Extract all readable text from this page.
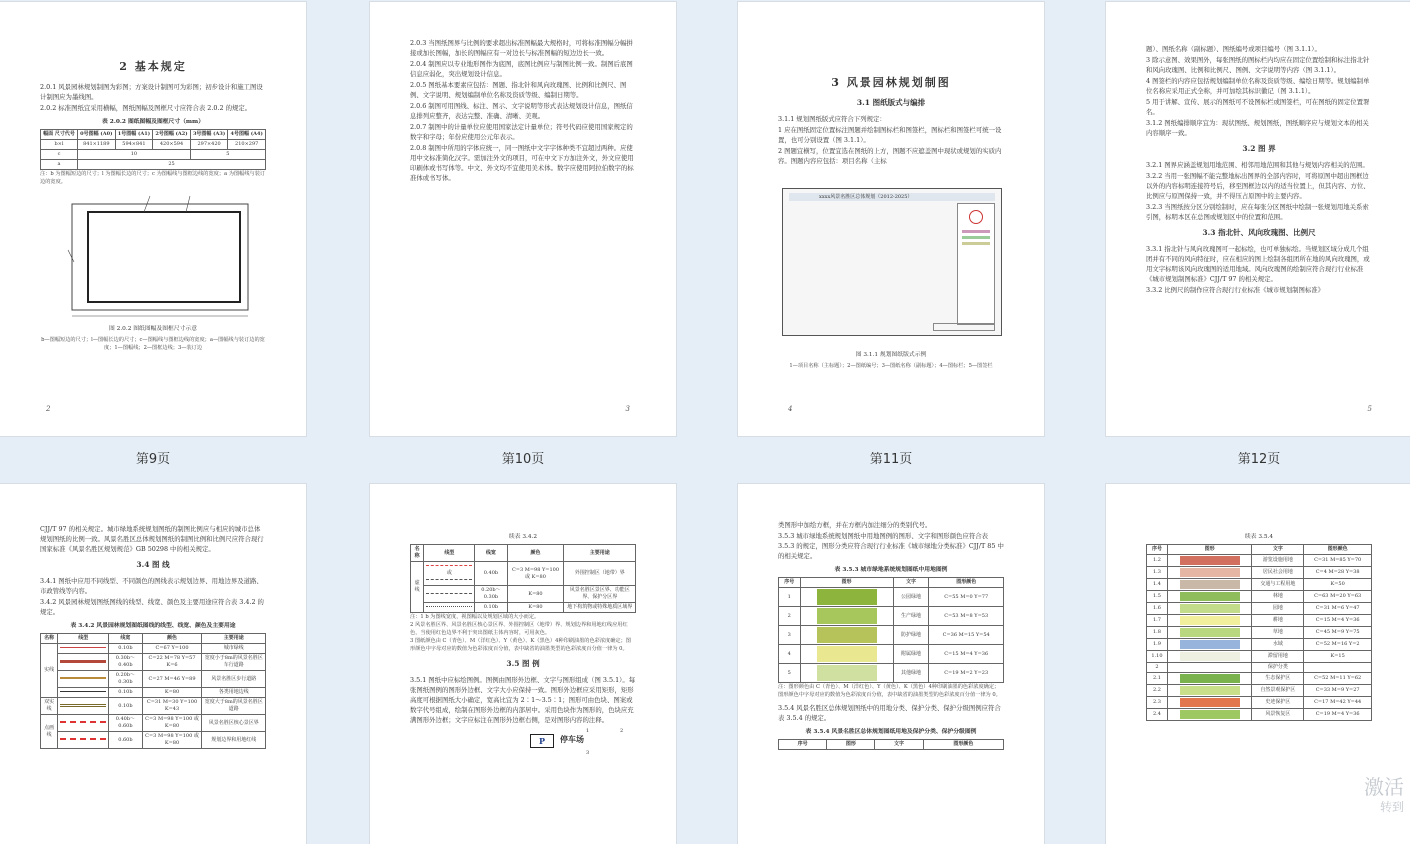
2 基本规定

2.0.1 风景园林规划制图为彩图；方案设计制图可为彩图；初步设计和施工图设计制图应为墨线图。

2.0.2 标准图纸宜采用横幅，图纸图幅及图框尺寸应符合表 2.0.2 的规定。

表 2.0.2 图纸图幅及图框尺寸（mm）
幅面 尺寸代号	0号图幅 (A0)	1号图幅 (A1)	2号图幅 (A2)	3号图幅 (A3)	4号图幅 (A4)
b×l	841×1189	594×841	420×594	297×420	210×297
c	10			5	
a	25				
注：b 为图幅短边的尺寸；l 为图幅长边的尺寸；c 为图幅线与图框边线的宽度；a 为图幅线与装订边的宽度。
图 2.0.2 图纸图幅及图框尺寸示意
b—图幅短边的尺寸；l—图幅长边的尺寸；c—图幅线与图框边线的宽度；a—图幅线与装订边的宽度；1—图幅线；2—图框边线；3—装订边
2
第9页

2.0.3 当图纸图界与比例的要求超出标准图幅最大规格时，可将标准图幅分幅拼接或加长图幅，加长的图幅应有一对边长与标准图幅的短边边长一致。

2.0.4 制图应以专业地形图作为底图，底图比例应与制图比例一致。制图后底图信息应弱化，突出规划设计信息。

2.0.5 图纸基本要素应包括：图题、指北针和风向玫瑰图、比例和比例尺、图例、文字说明、规划编制单位名称及资质等级、编制日期等。

2.0.6 制图可用图线、标注、图示、文字说明等形式表达规划设计信息，图纸信息排列应整齐，表达完整、准确、清晰、美观。

2.0.7 制图中的计量单位应使用国家法定计量单位；符号代码应使用国家规定的数字和字母；年份应使用公元年表示。

2.0.8 制图中所用的字体应统一，同一图纸中文字字体种类不宜超过两种。应使用中文标准简化汉字。需加注外文的项目，可在中文下方加注外文，外文应使用印刷体或书写体等。中文、外文均不宜使用美术体。数字应使用阿拉伯数字的标准体或书写体。

3
第10页
3 风景园林规划制图
3.1 图纸版式与编排

3.1.1 规划图纸版式应符合下列规定：

1 应在图纸固定位置标注图题并绘制图标栏和图签栏，图标栏和图签栏可统一设置，也可分别设置（图 3.1.1）。

2 图题宜横写，位置宜选在图纸的上方，图题不应遮盖图中现状或规划的实质内容。图题内容应包括：项目名称（主标

xxxx风景名胜区总体规划（2012-2025）
图 3.1.1 规划图纸版式示例
1—项目名称（主标题）；2—图纸编号；3—图纸名称（副标题）；4—图标栏；5—图签栏
4
第11页

题）、图纸名称（副标题）、图纸编号或项目编号（图 3.1.1）。

3 除示意图、效果图外，每张图纸的图标栏内均应在固定位置绘制和标注指北针和风向玫瑰图、比例和比例尺、图例、文字说明等内容（图 3.1.1）。

4 图签栏的内容应包括规划编制单位名称及资质等级、编绘日期等。规划编制单位名称应采用正式全称，并可加绘其标识徽记（图 3.1.1）。

5 用于讲解、宣传、展示的图纸可不设图标栏或图签栏，可在图纸的固定位置署名。

3.1.2 图纸编排顺序宜为：现状图纸、规划图纸，图纸顺序应与规划文本的相关内容顺序一致。

3.2 图 界

3.2.1 图界应涵盖规划用地范围、相邻用地范围和其他与规划内容相关的范围。

3.2.2 当用一张图幅不能完整地标出图界的全部内容时，可将原图中超出图框边以外的内容标明连接符号后，移至图框边以内的适当位置上，但其内容、方位、比例应与原图保持一致，并不得压占原图中的主要内容。

3.2.3 当图纸按分区分别绘制时，应在每张分区图纸中绘制一张规划用地关系索引图，标明本区在总图或规划区中的位置和范围。

3.3 指北针、风向玫瑰图、比例尺

3.3.1 指北针与风向玫瑰图可一起标绘，也可单独标绘。当规划区域分成几个组团并有不同的风向特征时，应在相应的图上绘制各组团所在地的风向玫瑰图，或用文字标明该风向玫瑰图的适用地域。风向玫瑰图的绘制应符合现行行业标准《城市规划制图标准》CJJ/T 97 的相关规定。

3.3.2 比例尺的制作应符合现行行业标准《城市规划制图标准》

5
第12页

CJJ/T 97 的相关规定。城市绿地系统规划图纸的制图比例应与相应的城市总体规划图纸的比例一致。风景名胜区总体规划图纸的制图比例和比例尺应符合现行国家标准《风景名胜区规划规范》GB 50298 中的相关规定。

3.4 图 线

3.4.1 图纸中应用不同线型、不同颜色的图线表示规划边界、用地边界及道路、市政管线等内容。

3.4.2 风景园林规划图纸图线的线型、线宽、颜色及主要用途应符合表 3.4.2 的规定。

表 3.4.2 风景园林规划图纸图线的线型、线宽、颜色及主要用途
名称	线型	线宽	颜色	主要用途
实线		0.10b	C=67 Y=100	城市绿线
		0.30b～0.40b	C=22 M=78 Y=57 K=6	宽度小于8m的风景名胜区车行道路
		0.20b～0.30b	C=27 M=46 Y=89	风景名胜区步行道路
		0.10b	K=80	各类用地边线
双实线		0.10b	C=31 M=30 Y=100 K=43	宽度大于8m的风景名胜区道路
点画线		0.40b～0.60b	C=3 M=98 Y=100 或 K=80	风景名胜区核心景区界
		0.60b	C=3 M=98 Y=100 或 K=80	规划边界和用地红线
续表 3.4.2
名称	线型	线宽	颜色	主要用途
虚线	或	0.40b	C=3 M=98 Y=100 或 K=80	外围控制区（地带）界
		0.20b～0.30b	K=80	风景名胜区景区界、功能区界、保护分区界
		0.10b	K=80	地下构筑物或特殊地质区域界
注：1 b 为图线宽度，视图幅以及规划区域的大小而定。
2 风景名胜区界、风景名胜区核心景区界、外围控制区（地带）界、规划边界和用地红线应用红色，当使用红色边界不利于突出图纸主体内容时，可用灰色。
3 图纸颜色由 C（青色）、M（洋红色）、Y（黄色）、K（黑色）4种印刷油墨的色彩浓度确定；图形颜色中字母对应的数值为色彩浓度百分值，表中缺省的油墨类型的色彩浓度百分值一律为 0。
3.5 图 例

3.5.1 图纸中应标绘图例。图例由图形外边框、文字与图形组成（图 3.5.1）。每张图纸图例的图形外边框、文字大小应保持一致。图形外边框应采用矩形，矩形高度可根据图纸大小确定，宽高比宜为 2∶1～3.5∶1；图形可由色块、图案或数字代号组成，绘制在图形外边框的内部居中。采用色块作为图形的，色块应充满图形外边框；文字应标注在图形外边框右侧，是对图形内容的注释。

P	停车场
1	2
3

类图形中加绘方框，并在方框内加注细分的类别代号。

3.5.3 城市绿地系统规划图纸中用地图例的图形、文字和图形颜色应符合表 3.5.3 的规定，图形分类应符合现行行业标准《城市绿地分类标准》CJJ/T 85 中的相关规定。

表 3.5.3 城市绿地系统规划图纸中用地图例
序号	图形	文字	图形颜色
1		公园绿地	C=55 M=0 Y=77
2		生产绿地	C=53 M=8 Y=53
3		防护绿地	C=36 M=15 Y=54
4		附属绿地	C=15 M=4 Y=36
5		其他绿地	C=19 M=2 Y=23
注：图形颜色由 C（青色）、M（洋红色）、Y（黄色）、K（黑色）4种印刷油墨的色彩浓度确定；图形颜色中字母对应的数值为色彩浓度百分值，表中缺省的油墨类型的色彩浓度百分值一律为 0。

3.5.4 风景名胜区总体规划图纸中的用地分类、保护分类、保护分级图例应符合表 3.5.4 的规定。

表 3.5.4 风景名胜区总体规划图纸用地及保护分类、保护分级图例
序号	图形	文字	图形颜色
续表 3.5.4
序号	图形	文字	图形颜色
1.2		游览设施用地	C=31 M=85 Y=70
1.3		居民社会用地	C=4 M=28 Y=38
1.4		交通与工程用地	K=50
1.5		林地	C=63 M=20 Y=63
1.6		园地	C=31 M=6 Y=47
1.7		耕地	C=15 M=4 Y=36
1.8		草地	C=45 M=9 Y=75
1.9		水域	C=52 M=16 Y=2
1.10		滞留用地	K=15
2		保护分类	
2.1		生态保护区	C=52 M=11 Y=62
2.2		自然景观保护区	C=33 M=9 Y=27
2.3		史迹保护区	C=17 M=42 Y=44
2.4		风景恢复区	C=19 M=4 Y=36
激活
转到
